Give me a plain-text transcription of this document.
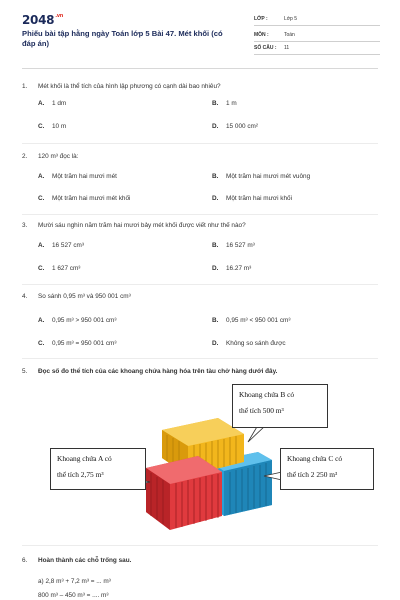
$2048^{.vn}$
Phiếu bài tập hằng ngày Toán lớp 5 Bài 47. Mét khối (có đáp án)
LỚP :	Lớp 5
MÔN :	Toán
SỐ CÂU : 11
1. Mét khối là thể tích của hình lập phương có cạnh dài bao nhiêu?
A. 1 dm	B. 1 m
C. 10 m	D. 15 000 cm²
2. 120 m³ đọc là:
A. Một trăm hai mươi mét	B. Một trăm hai mươi mét vuông
C. Một trăm hai mươi mét khối	D. Một trăm hai mươi khối
3. Mười sáu nghìn năm trăm hai mươi bảy mét khối được viết như thế nào?
A. 16 527 cm³	B. 16 527 m³
C. 1 627 cm³	D. 16.27 m³
4. So sánh 0,95 m³ và 950 001 cm³
A. 0,95 m³ > 950 001 cm³	B. 0,95 m³ < 950 001 cm³
C. 0,95 m³ = 950 001 cm³	D. Không so sánh được
5. Đọc số đo thể tích của các khoang chứa hàng hóa trên tàu chở hàng dưới đây.
Khoang chứa B có
thể tích 500 m³
Khoang chứa A có
thể tích 2,75 m³
Khoang chứa C có
thể tích 2 250 m³
6. Hoàn thành các chỗ trống sau.
a) 2,8 m³ + 7,2 m³ = ... m³
800 m³ – 450 m³ = .... m³
